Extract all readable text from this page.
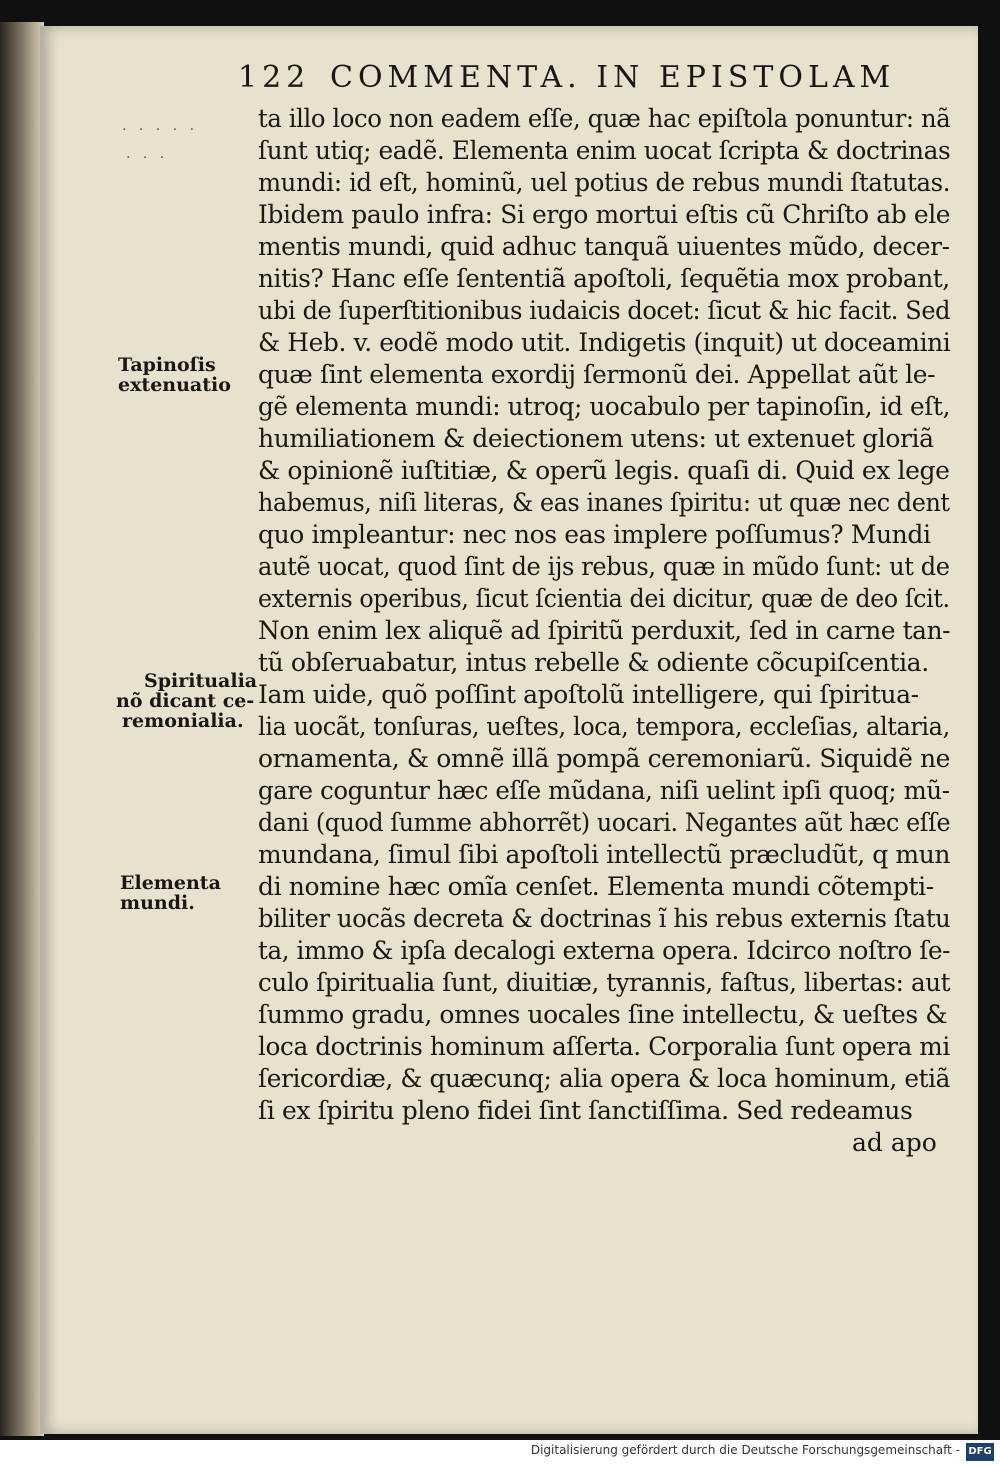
122 COMMENTA. IN EPISTOLAM
. . . . .
. . .
Tapinoſis
extenuatio
Spiritualia
nõ dicant ce-
remonialia.
Elementa
mundi.
ta illo loco non eadem eſſe, quæ hac epiſtola ponuntur: nã
ſunt utiq; eadẽ. Elementa enim uocat ſcripta & doctrinas
mundi: id eſt, hominũ, uel potius de rebus mundi ſtatutas.
Ibidem paulo infra: Si ergo mortui eſtis cũ Chriſto ab ele
mentis mundi, quid adhuc tanquã uiuentes mũdo, decer-
nitis? Hanc eſſe ſententiã apoſtoli, ſequẽtia mox probant,
ubi de ſuperſtitionibus iudaicis docet: ſicut & hic facit. Sed
& Heb. v. eodẽ modo utit. Indigetis (inquit) ut doceamini
quæ ſint elementa exordij ſermonũ dei. Appellat aũt le-
gẽ elementa mundi: utroq; uocabulo per tapinoſin, id eſt,
humiliationem & deiectionem utens: ut extenuet gloriã
& opinionẽ iuſtitiæ, & operũ legis. quaſi di. Quid ex lege
habemus, niſi literas, & eas inanes ſpiritu: ut quæ nec dent
quo impleantur: nec nos eas implere poſſumus? Mundi
autẽ uocat, quod ſint de ijs rebus, quæ in mũdo ſunt: ut de
externis operibus, ſicut ſcientia dei dicitur, quæ de deo ſcit.
Non enim lex aliquẽ ad ſpiritũ perduxit, ſed in carne tan-
tũ obſeruabatur, intus rebelle & odiente cõcupiſcentia.
Iam uide, quõ poſſint apoſtolũ intelligere, qui ſpiritua-
lia uocãt, tonſuras, ueſtes, loca, tempora, eccleſias, altaria,
ornamenta, & omnẽ illã pompã ceremoniarũ. Siquidẽ ne
gare coguntur hæc eſſe mũdana, niſi uelint ipſi quoq; mũ-
dani (quod ſumme abhorrẽt) uocari. Negantes aũt hæc eſſe
mundana, ſimul ſibi apoſtoli intellectũ præcludũt, q mun
di nomine hæc omĩa cenſet. Elementa mundi cõtempti-
biliter uocãs decreta & doctrinas ĩ his rebus externis ſtatu
ta, immo & ipſa decalogi externa opera. Idcirco noſtro ſe-
culo ſpiritualia ſunt, diuitiæ, tyrannis, faſtus, libertas: aut
ſummo gradu, omnes uocales ſine intellectu, & ueſtes &
loca doctrinis hominum aſſerta. Corporalia ſunt opera mi
ſericordiæ, & quæcunq; alia opera & loca hominum, etiã
ſi ex ſpiritu pleno fidei ſint ſanctiſſima. Sed redeamus
ad apo
Digitalisierung gefördert durch die Deutsche Forschungsgemeinschaft - DFG
